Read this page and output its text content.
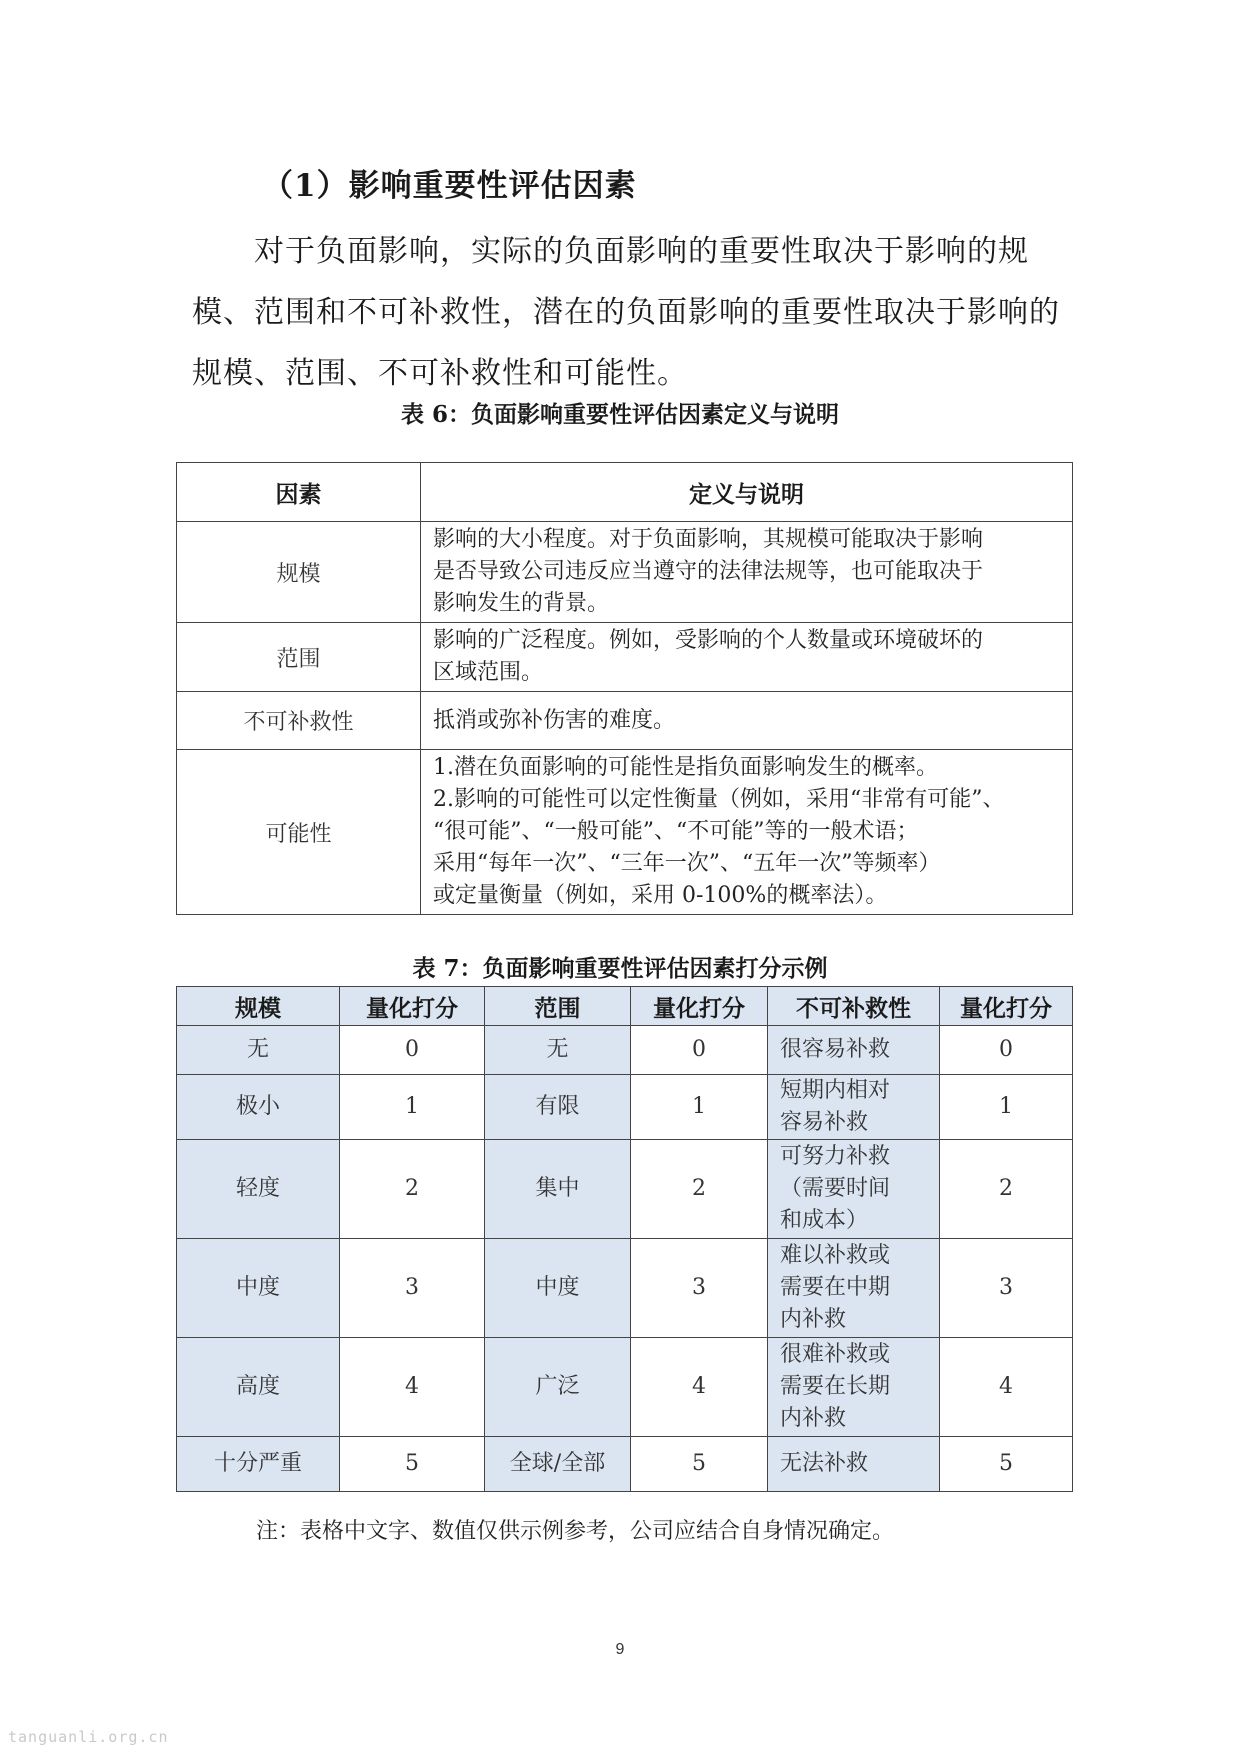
（1）影响重要性评估因素
对于负面影响，实际的负面影响的重要性取决于影响的规模、范围和不可补救性，潜在的负面影响的重要性取决于影响的规模、范围、不可补救性和可能性。
表 6：负面影响重要性评估因素定义与说明
因素	定义与说明
规模	影响的大小程度。对于负面影响，其规模可能取决于影响
是否导致公司违反应当遵守的法律法规等，也可能取决于
影响发生的背景。

范围	影响的广泛程度。例如，受影响的个人数量或环境破坏的
区域范围。

不可补救性	抵消或弥补伤害的难度。

可能性	1.潜在负面影响的可能性是指负面影响发生的概率。
2.影响的可能性可以定性衡量（例如，采用“非常有可能”、
“很可能”、“一般可能”、“不可能”等的一般术语；
采用“每年一次”、“三年一次”、“五年一次”等频率）
或定量衡量（例如，采用 0-100%的概率法）。
表 7：负面影响重要性评估因素打分示例
规模	量化打分	范围	量化打分	不可补救性	量化打分
无	0	无	0	很容易补救	0
极小	1	有限	1	短期内相对
容易补救	1
轻度	2	集中	2	可努力补救
（需要时间
和成本）	2
中度	3	中度	3	难以补救或
需要在中期
内补救	3
高度	4	广泛	4	很难补救或
需要在长期
内补救	4
十分严重	5	全球/全部	5	无法补救	5
注：表格中文字、数值仅供示例参考，公司应结合自身情况确定。
9
tanguanli.org.cn
